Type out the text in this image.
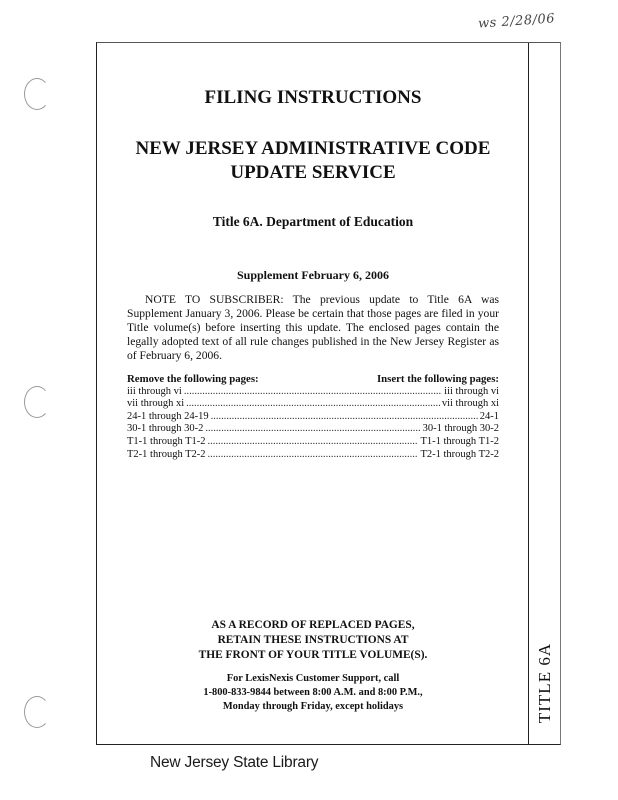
ws 2/28/06
FILING INSTRUCTIONS
NEW JERSEY ADMINISTRATIVE CODE
UPDATE SERVICE
Title 6A. Department of Education
Supplement February 6, 2006

NOTE TO SUBSCRIBER: The previous update to Title 6A was Supplement January 3, 2006. Please be certain that those pages are filed in your Title volume(s) before inserting this update. The enclosed pages contain the legally adopted text of all rule changes published in the New Jersey Register as of February 6, 2006.

Remove the following pages:	Insert the following pages:
iii through vi .....	iii through vi
vii through xi .....	vii through xi
24-1 through 24-19 .....	24-1
30-1 through 30-2 .....	30-1 through 30-2
T1-1 through T1-2 .....	T1-1 through T1-2
T2-1 through T2-2 .....	T2-1 through T2-2
AS A RECORD OF REPLACED PAGES,
RETAIN THESE INSTRUCTIONS AT
THE FRONT OF YOUR TITLE VOLUME(S).
For LexisNexis Customer Support, call
1-800-833-9844 between 8:00 A.M. and 8:00 P.M.,
Monday through Friday, except holidays	TITLE 6A
New Jersey State Library
